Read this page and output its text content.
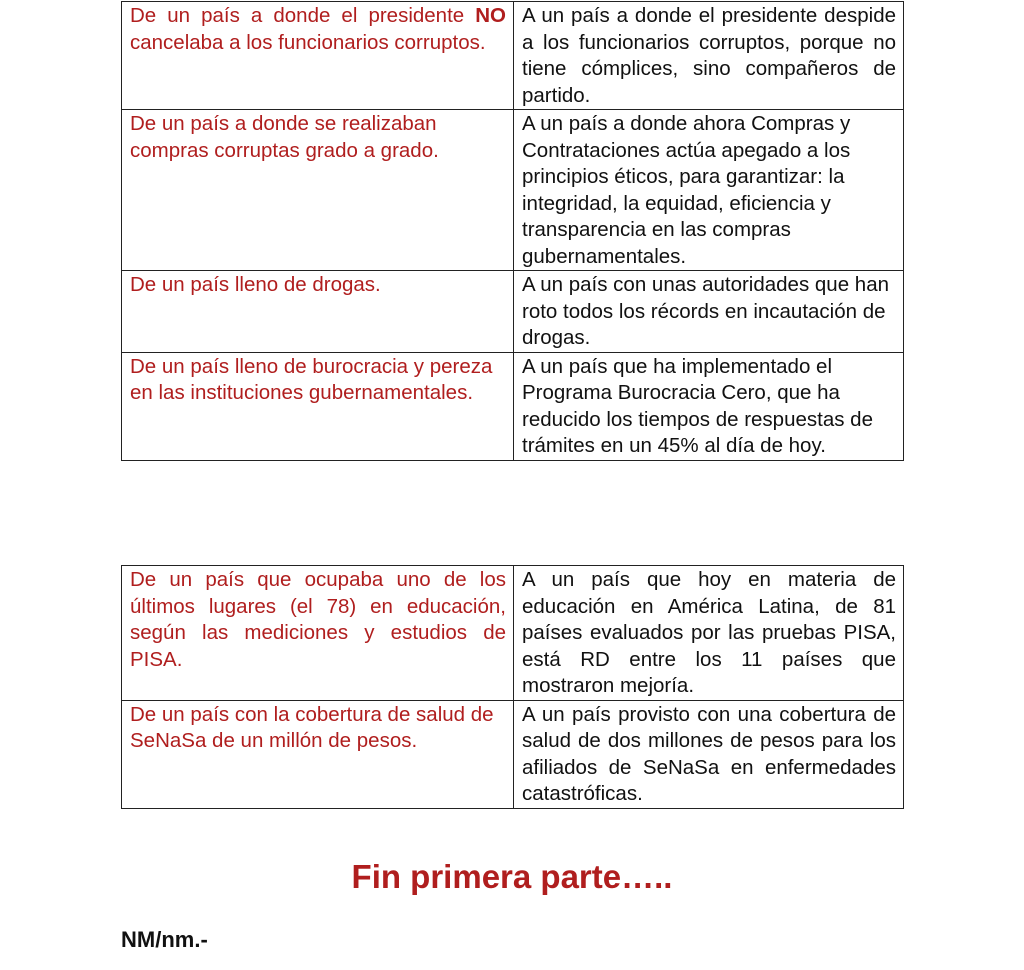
De un país a donde el presidente NO cancelaba a los funcionarios corruptos.	A un país a donde el presidente despide a los funcionarios corruptos, porque no tiene cómplices, sino compañeros de partido.
De un país a donde se realizaban compras corruptas grado a grado.	A un país a donde ahora Compras y Contrataciones actúa apegado a los principios éticos, para garantizar: la integridad, la equidad, eficiencia y transparencia en las compras gubernamentales.
De un país lleno de drogas.	A un país con unas autoridades que han roto todos los récords en incautación de drogas.
De un país lleno de burocracia y pereza en las instituciones gubernamentales.	A un país que ha implementado el Programa Burocracia Cero, que ha reducido los tiempos de respuestas de trámites en un 45% al día de hoy.
De un país que ocupaba uno de los últimos lugares (el 78) en educación, según las mediciones y estudios de PISA.	A un país que hoy en materia de educación en América Latina, de 81 países evaluados por las pruebas PISA, está RD entre los 11 países que mostraron mejoría.
De un país con la cobertura de salud de SeNaSa de un millón de pesos.	A un país provisto con una cobertura de salud de dos millones de pesos para los afiliados de SeNaSa en enfermedades catastróficas.
Fin primera parte…..
NM/nm.-
